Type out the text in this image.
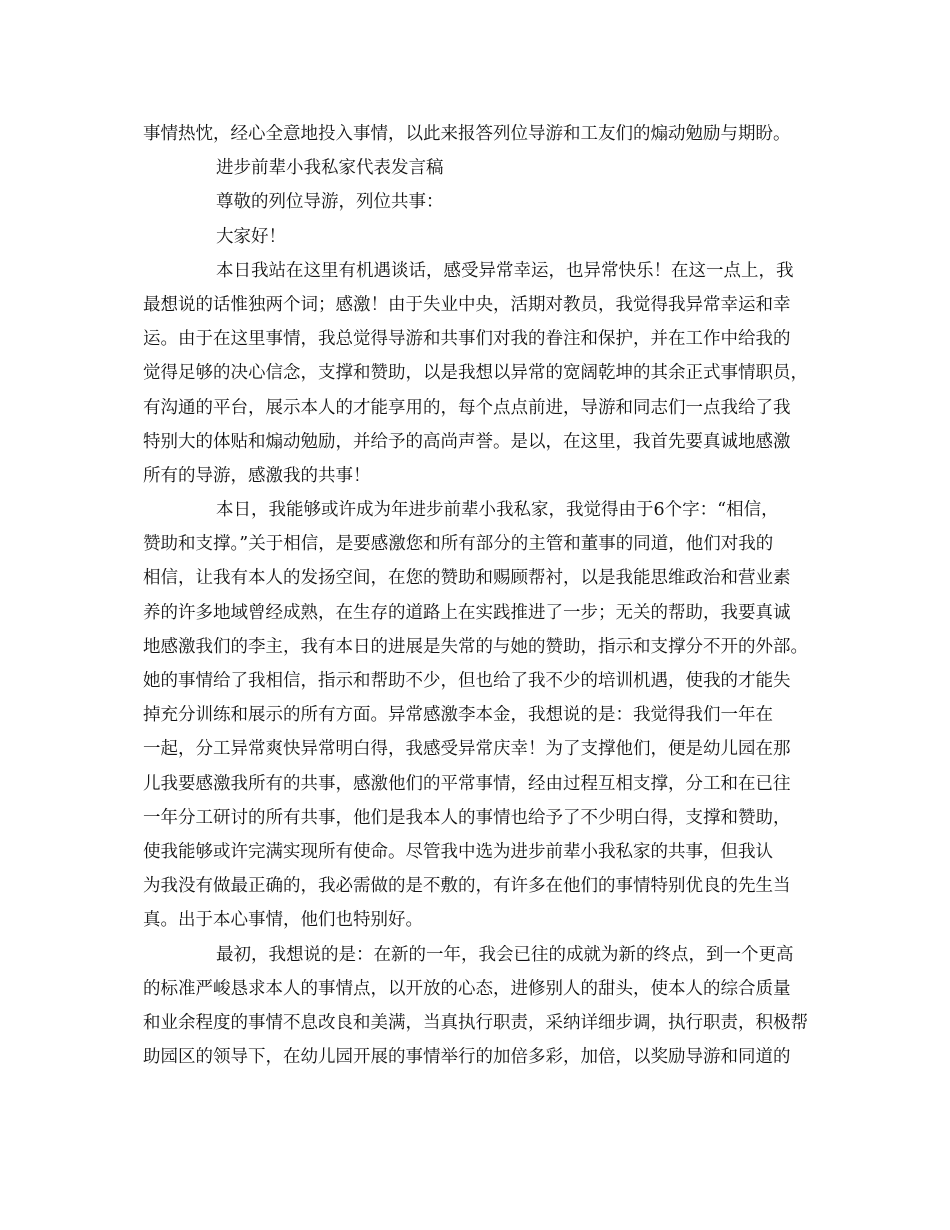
事情热忱，经心全意地投入事情，以此来报答列位导游和工友们的煽动勉励与期盼。
进步前辈小我私家代表发言稿
尊敬的列位导游，列位共事：
大家好！
本日我站在这里有机遇谈话，感受异常幸运，也异常快乐！在这一点上，我
最想说的话惟独两个词；感激！由于失业中央，活期对教员，我觉得我异常幸运和幸
运。由于在这里事情，我总觉得导游和共事们对我的眷注和保护，并在工作中给我的
觉得足够的决心信念，支撑和赞助，以是我想以异常的宽阔乾坤的其余正式事情职员，
有沟通的平台，展示本人的才能享用的，每个点点前进，导游和同志们一点我给了我
特别大的体贴和煽动勉励，并给予的高尚声誉。是以，在这里，我首先要真诚地感激
所有的导游，感激我的共事！
本日，我能够或许成为年进步前辈小我私家，我觉得由于6个字：“相信，
赞助和支撑。”关于相信，是要感激您和所有部分的主管和董事的同道，他们对我的
相信，让我有本人的发扬空间，在您的赞助和赐顾帮衬，以是我能思维政治和营业素
养的许多地域曾经成熟，在生存的道路上在实践推进了一步；无关的帮助，我要真诚
地感激我们的李主，我有本日的进展是失常的与她的赞助，指示和支撑分不开的外部。
她的事情给了我相信，指示和帮助不少，但也给了我不少的培训机遇，使我的才能失
掉充分训练和展示的所有方面。异常感激李本金，我想说的是：我觉得我们一年在
一起，分工异常爽快异常明白得，我感受异常庆幸！为了支撑他们，便是幼儿园在那
儿我要感激我所有的共事，感激他们的平常事情，经由过程互相支撑，分工和在已往
一年分工研讨的所有共事，他们是我本人的事情也给予了不少明白得，支撑和赞助，
使我能够或许完满实现所有使命。尽管我中选为进步前辈小我私家的共事，但我认
为我没有做最正确的，我必需做的是不敷的，有许多在他们的事情特别优良的先生当
真。出于本心事情，他们也特别好。
最初，我想说的是：在新的一年，我会已往的成就为新的终点，到一个更高
的标准严峻恳求本人的事情点，以开放的心态，进修别人的甜头，使本人的综合质量
和业余程度的事情不息改良和美满，当真执行职责，采纳详细步调，执行职责，积极帮
助园区的领导下，在幼儿园开展的事情举行的加倍多彩，加倍，以奖励导游和同道的
